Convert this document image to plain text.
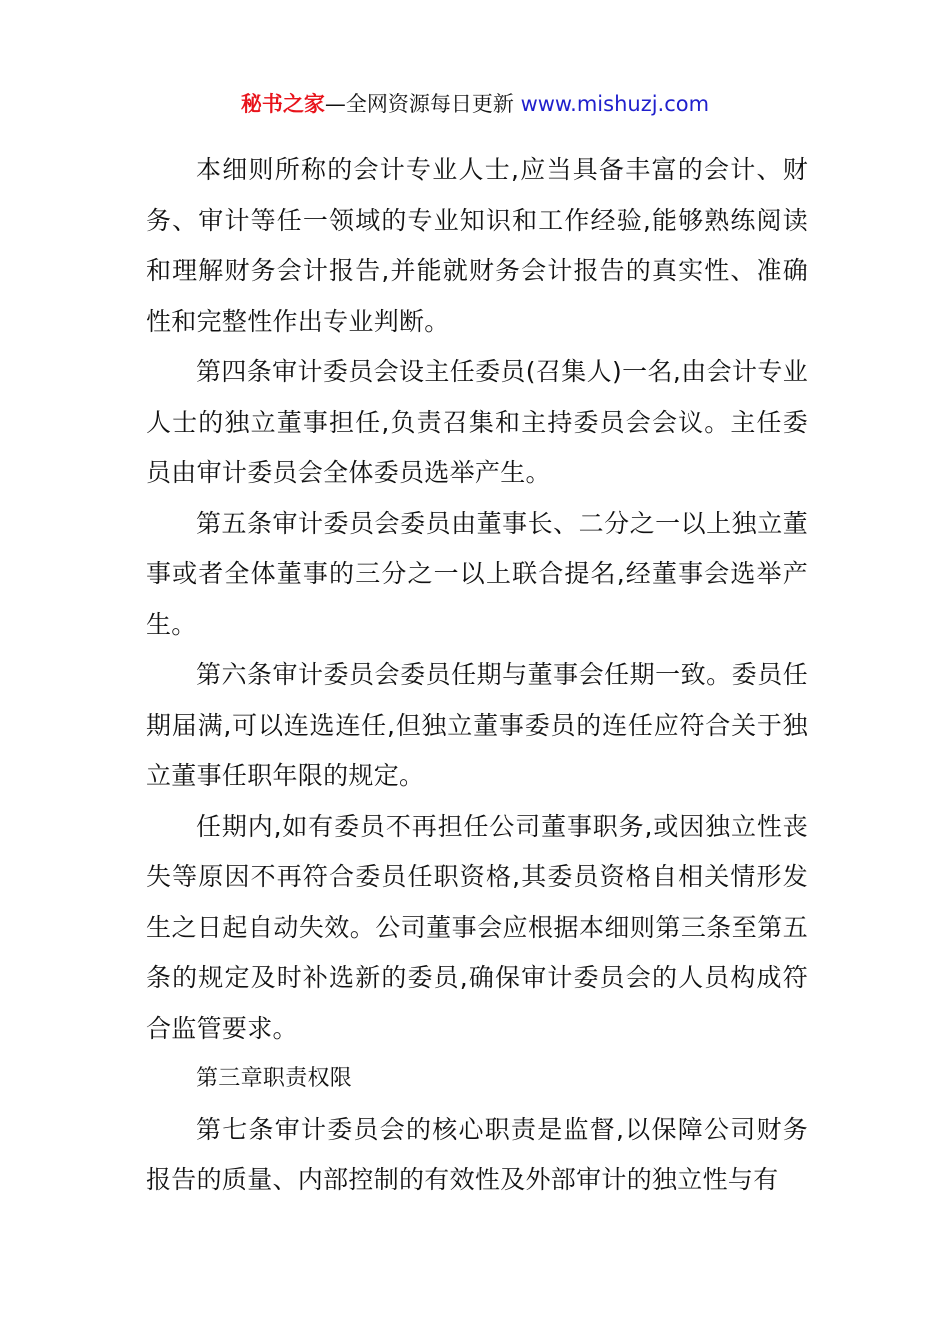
秘书之家—全网资源每日更新 www.mishuzj.com

本细则所称的会计专业人士,应当具备丰富的会计、财务、审计等任一领域的专业知识和工作经验,能够熟练阅读和理解财务会计报告,并能就财务会计报告的真实性、准确性和完整性作出专业判断。

第四条审计委员会设主任委员(召集人)一名,由会计专业人士的独立董事担任,负责召集和主持委员会会议。主任委员由审计委员会全体委员选举产生。

第五条审计委员会委员由董事长、二分之一以上独立董事或者全体董事的三分之一以上联合提名,经董事会选举产生。

第六条审计委员会委员任期与董事会任期一致。委员任期届满,可以连选连任,但独立董事委员的连任应符合关于独立董事任职年限的规定。

任期内,如有委员不再担任公司董事职务,或因独立性丧失等原因不再符合委员任职资格,其委员资格自相关情形发生之日起自动失效。公司董事会应根据本细则第三条至第五条的规定及时补选新的委员,确保审计委员会的人员构成符合监管要求。

第三章职责权限

第七条审计委员会的核心职责是监督,以保障公司财务报告的质量、内部控制的有效性及外部审计的独立性与有
